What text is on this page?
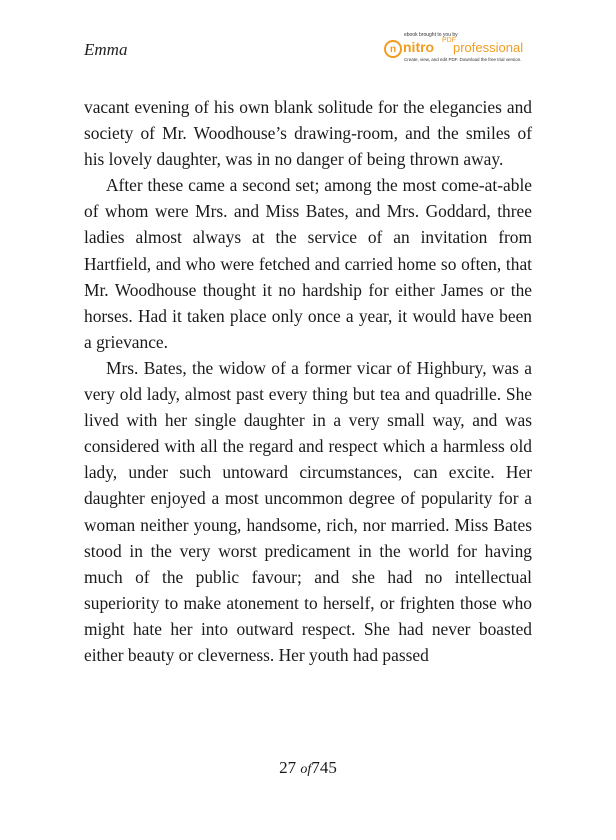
Emma
ebook brought to you by
n nitro PDF
professional
Create, view, and edit PDF. Download the free trial version.

vacant evening of his own blank solitude for the elegancies and society of Mr. Woodhouse’s drawing-room, and the smiles of his lovely daughter, was in no danger of being thrown away.

After these came a second set; among the most come-at-able of whom were Mrs. and Miss Bates, and Mrs. Goddard, three ladies almost always at the service of an invitation from Hartfield, and who were fetched and carried home so often, that Mr. Woodhouse thought it no hardship for either James or the horses. Had it taken place only once a year, it would have been a grievance.

Mrs. Bates, the widow of a former vicar of Highbury, was a very old lady, almost past every thing but tea and quadrille. She lived with her single daughter in a very small way, and was considered with all the regard and respect which a harmless old lady, under such untoward circumstances, can excite. Her daughter enjoyed a most uncommon degree of popularity for a woman neither young, handsome, rich, nor married. Miss Bates stood in the very worst predicament in the world for having much of the public favour; and she had no intellectual superiority to make atonement to herself, or frighten those who might hate her into outward respect. She had never boasted either beauty or cleverness. Her youth had passed

27 of745
